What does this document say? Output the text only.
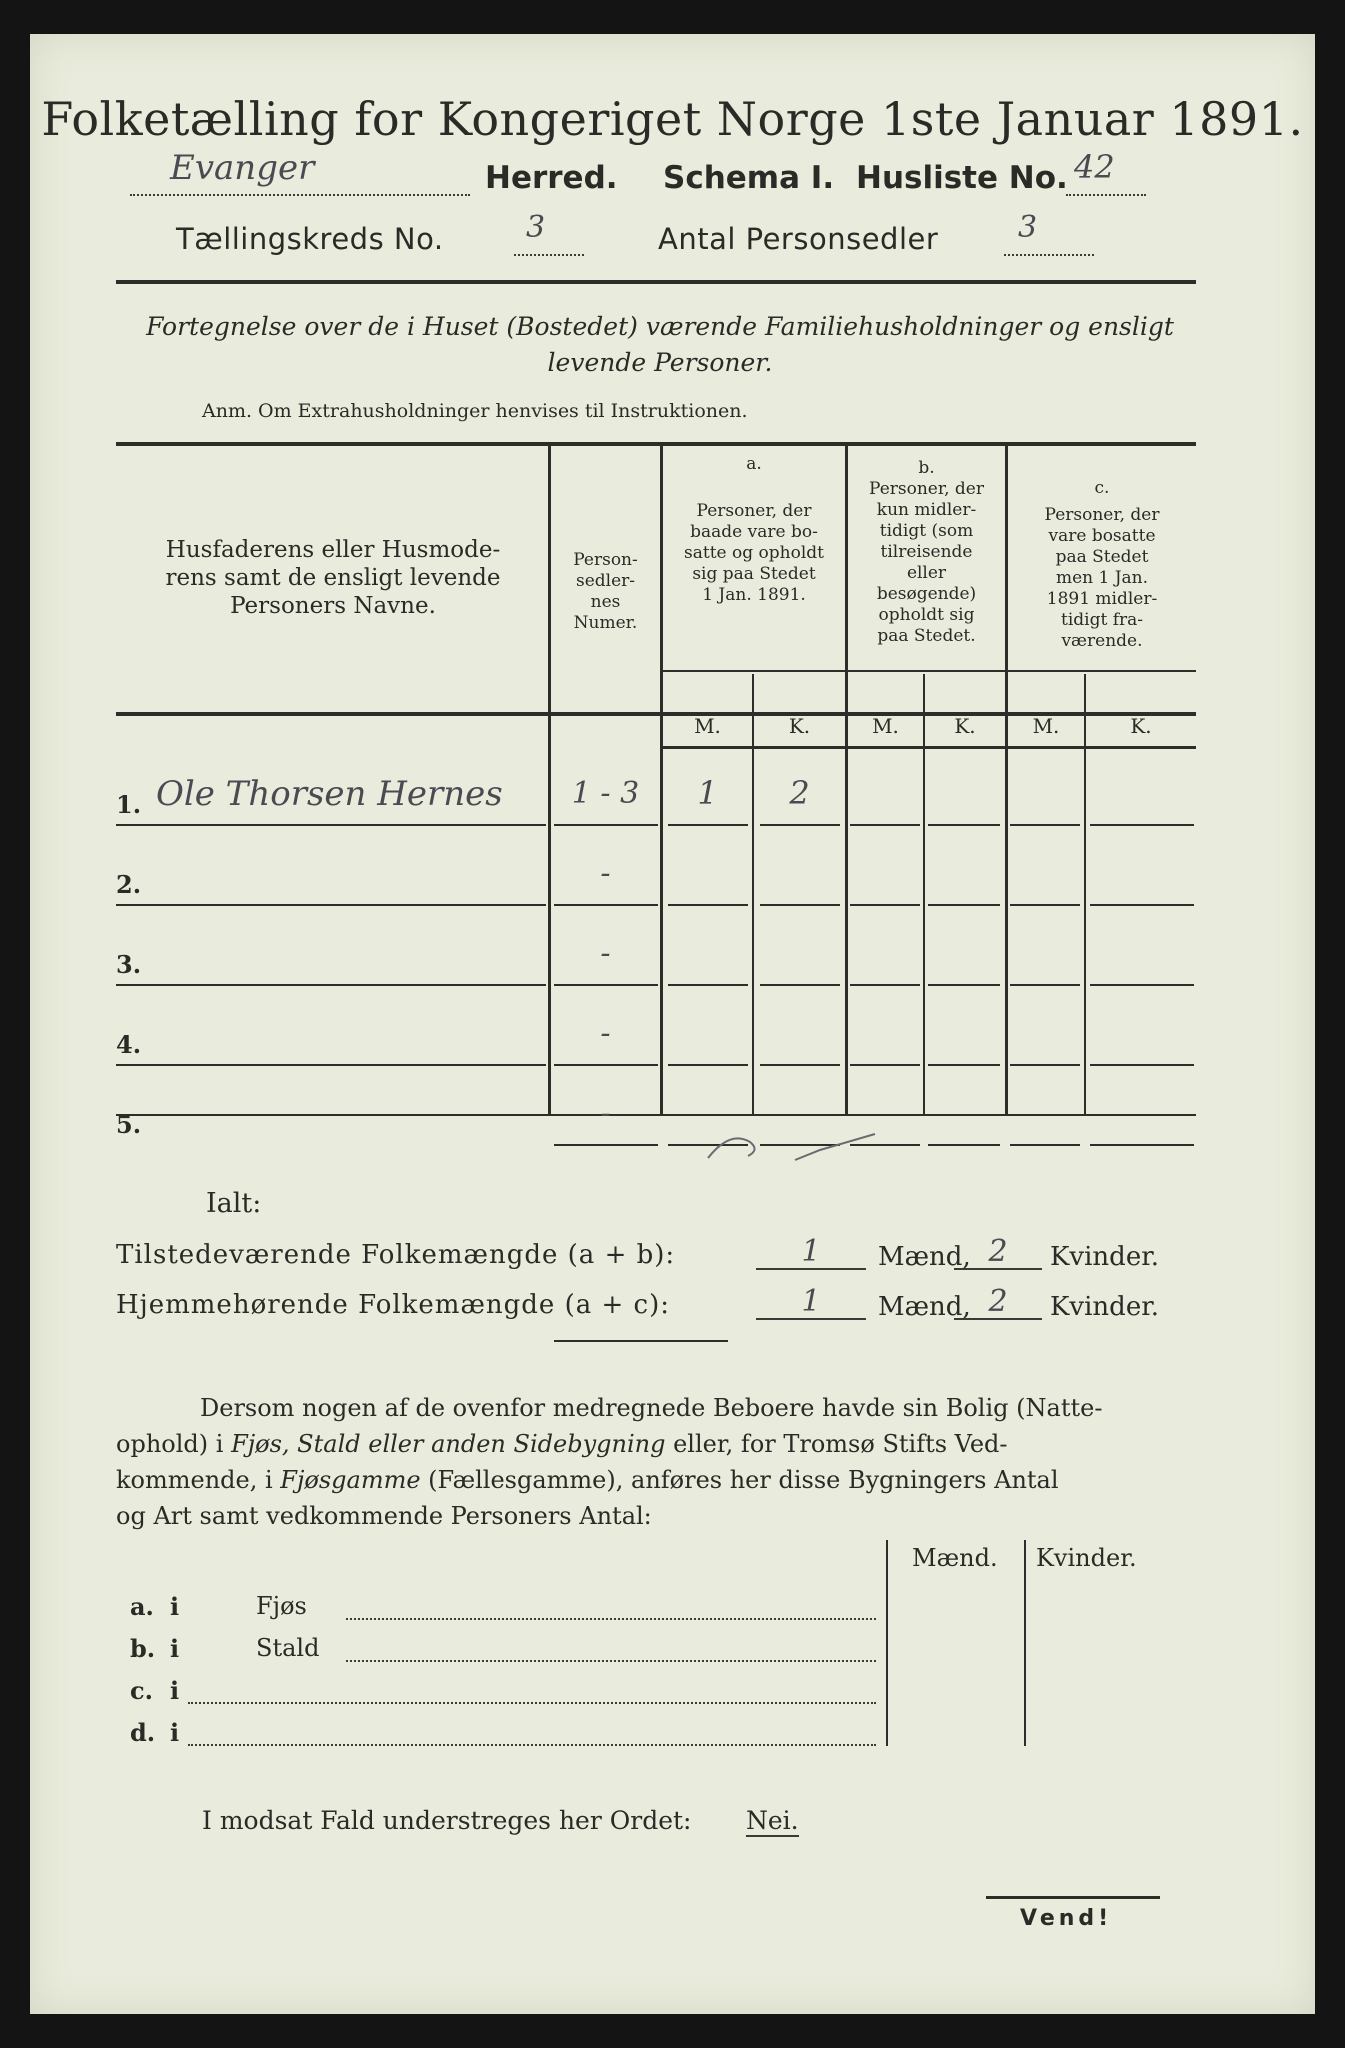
Folketælling for Kongeriget Norge 1ste Januar 1891.
Evanger	Herred. Schema I. Husliste No. 42
Tællingskreds No.	3	Antal Personsedler	3
Fortegnelse over de i Huset (Bostedet) værende Familiehusholdninger og ensligt
levende Personer.
Anm. Om Extrahusholdninger henvises til Instruktionen.
Husfaderens eller Husmode-
rens samt de ensligt levende
Personers Navne.
Person-
sedler-
nes
Numer.
a.
Personer, der
baade vare bo-
satte og opholdt
sig paa Stedet
1 Jan. 1891.
b.
Personer, der
kun midler-
tidigt (som
tilreisende
eller
besøgende)
opholdt sig
paa Stedet.
c.
Personer, der
vare bosatte
paa Stedet
men 1 Jan.
1891 midler-
tidigt fra-
værende.
M.	K.	M.	K.	M.	K.
1. Ole Thorsen Hernes	1 - 3	1	2
2.	-
3.	-
4.	-
5.	-
Ialt:
Tilstedeværende Folkemængde (a + b):	1	Mænd, 2	Kvinder.
Hjemmehørende Folkemængde (a + c):	1	Mænd, 2	Kvinder.
Dersom nogen af de ovenfor medregnede Beboere havde sin Bolig (Natte-
ophold) i Fjøs, Stald eller anden Sidebygning eller, for Tromsø Stifts Ved-
kommende, i Fjøsgamme (Fællesgamme), anføres her disse Bygningers Antal
og Art samt vedkommende Personers Antal:
Mænd. Kvinder.
a. i	Fjøs
b. i	Stald
c. i
d. i
I modsat Fald understreges her Ordet: Nei.
Vend!
